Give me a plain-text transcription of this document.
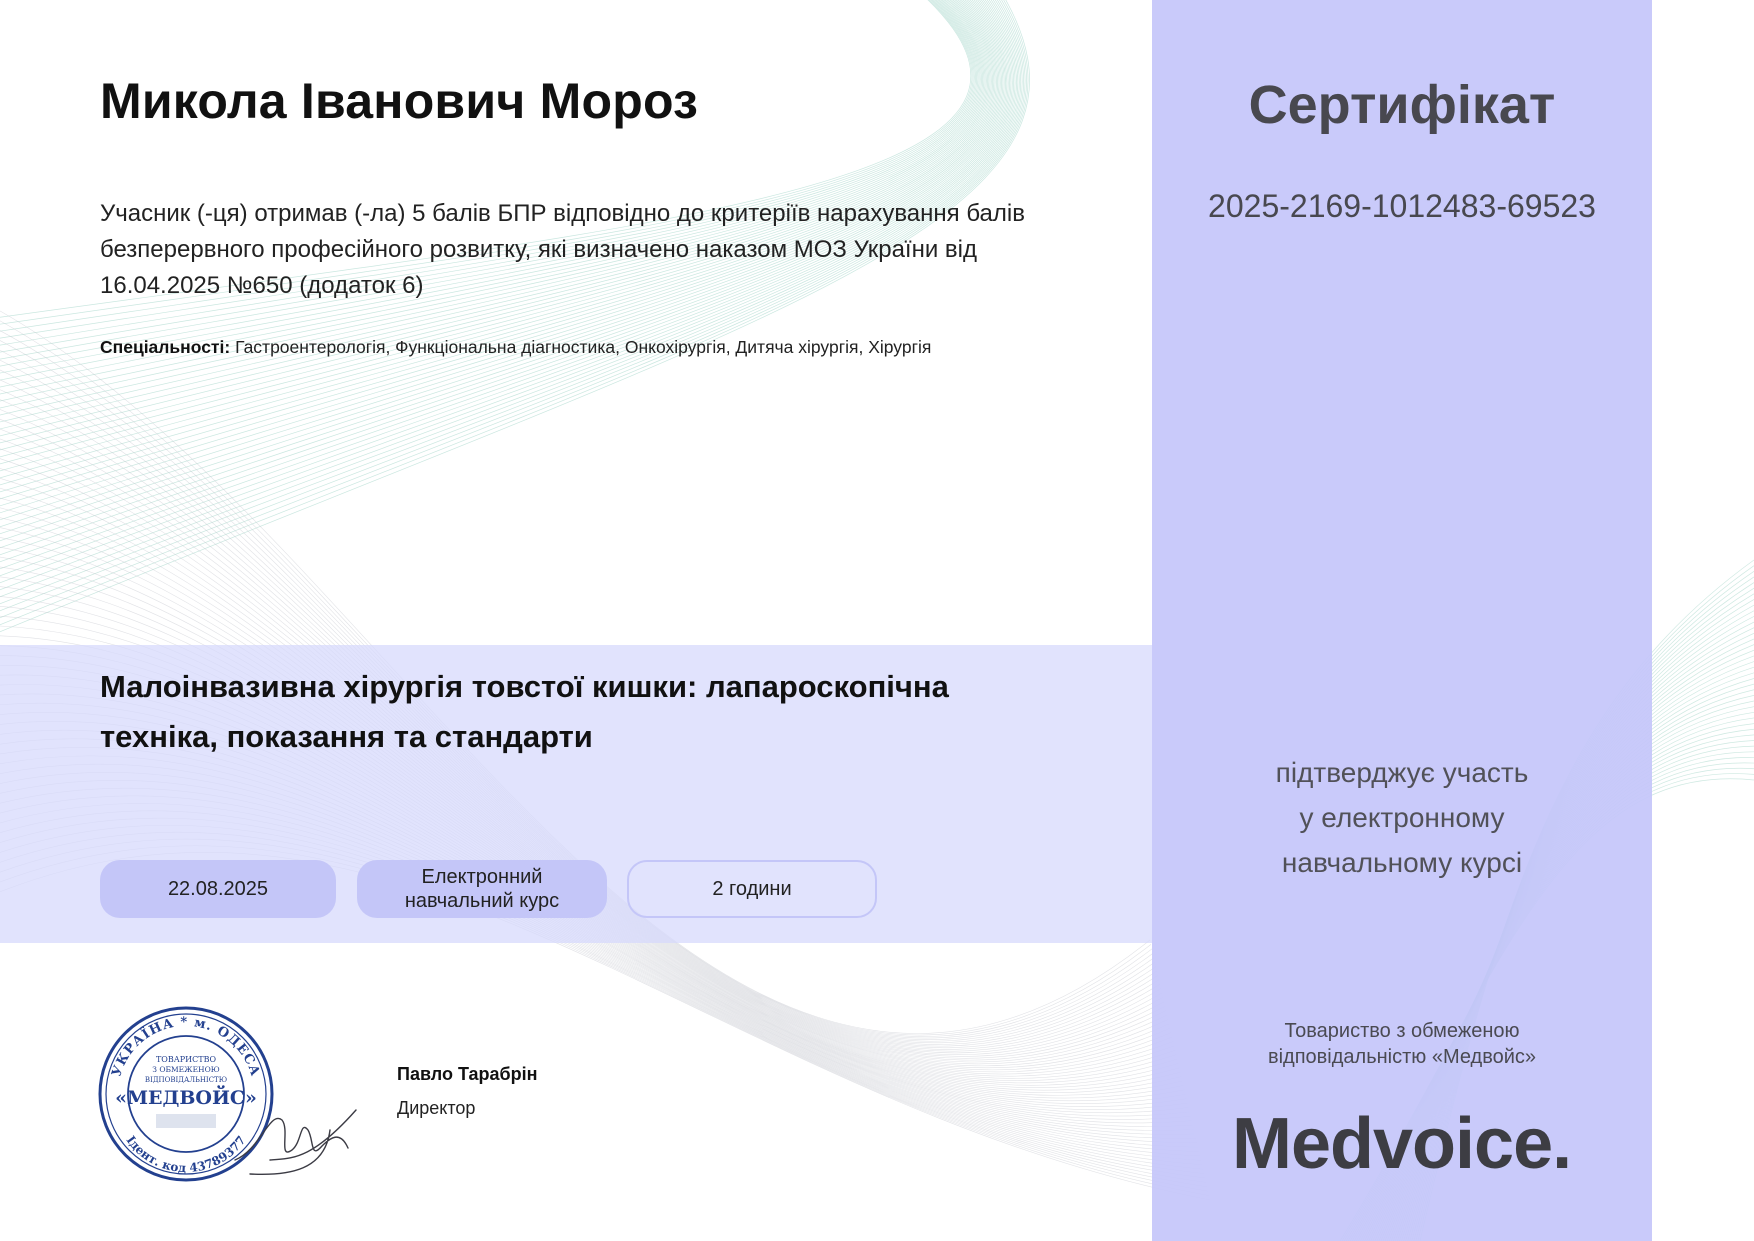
Микола Іванович Мороз

Учасник (-ця) отримав (-ла) 5 балів БПР відповідно до критеріїв нарахування балів безперервного професійного розвитку, які визначено наказом МОЗ України від 16.04.2025 №650 (додаток 6)

Спеціальності: Гастроентерологія, Функціональна діагностика, Онкохірургія, Дитяча хірургія, Хірургія
Малоінвазивна хірургія товстої кишки: лапароскопічна техніка, показання та стандарти
22.08.2025
Електронний
навчальний курс
2 години
УКРАЇНА * м. ОДЕСА
Ідент. код 43789377
ТОВАРИСТВО
З ОБМЕЖЕНОЮ
ВІДПОВІДАЛЬНІСТЮ
«МЕДВОЙС»
Павло Тарабрін
Директор
Сертифікат
2025-2169-1012483-69523
підтверджує участь
у електронному
навчальному курсі
Товариство з обмеженою
відповідальністю «Медвойс»
Medvoice.
